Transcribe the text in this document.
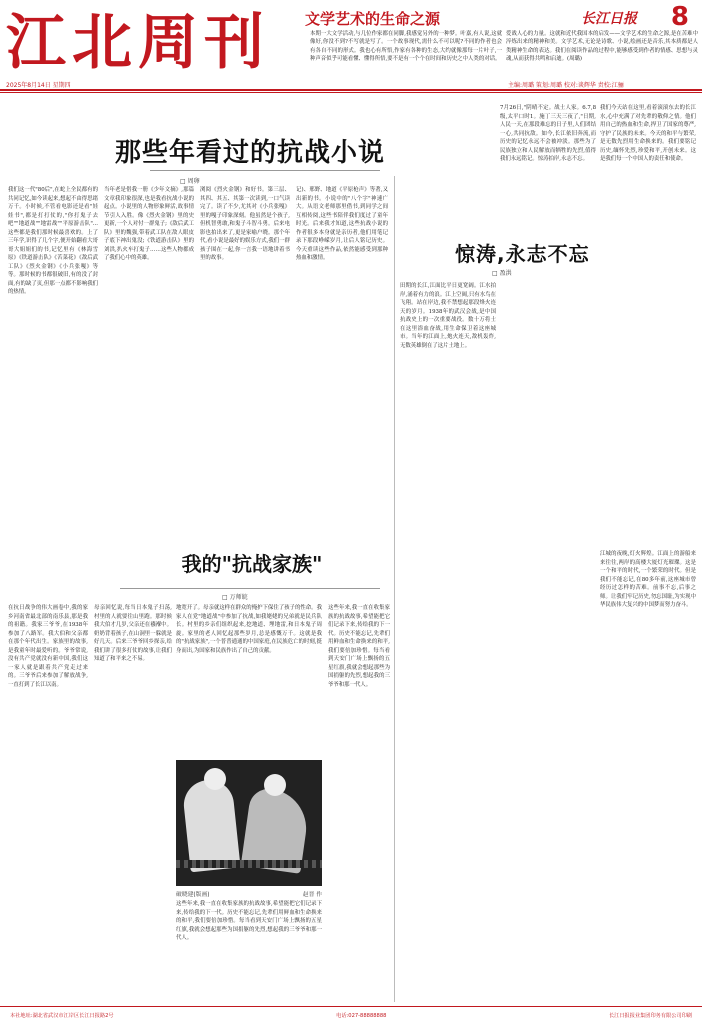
江北周刊 文学艺术的生命之源	长江日报 8
本期一大文学活动,与几位作家都在同脚,我感觉另外的一种梦。叶嘉,有人说,这就像好,你没不到?不写就是写了。一个故事现代,需什么不可以呢?不同的作者也会有各自不同的形式。我也心有所悟,作家有各种的生态,大约就像那每一片叶子,一种声音似乎可能看懂、懂得所悟,要不是有一个个在时间和历史之中人类的对话。
爱战人心的力量。这就和近代我国本的启发——文学艺术的生命之源,是在苦难中淬炼出来的精神和美。文学艺术,无论是诗歌、小说,绘画还是音乐,其本质都是人类精神生命的表达。我们在阅读作品的过程中,能够感受到作者的情感、思想与灵魂,从而获得共鸣和启迪。(周璐)
2025年8月14日 星期四	主编:周璐 策划:周璐 校对:谈辉华 责校:江骊
那些年看过的抗战小说
□ 周卵
我们这一代"80后",在蛇上全民都有的共同记忆,如今读起来,想起不由得思绪万千。小时候,不管看电影还是看"娃娃书",都是打打仗的,"你打鬼子去吧""地道战""地雷战""平原游击队"...这些都是我们那时候最喜欢的。上了三年学,识得了几个字,便开始翻看大哥哥大姐姐们的书,记忆里有《林海雪原》《铁道游击队》《苦菜花》《敌后武工队》《烈火金钢》《小兵张嘎》等等。那时候的书都很破旧,有的没了封面,有的缺了页,但那一点都不影响我们的热情。
当年老是借我一册《少年文摘》,那篇文章我印象很深,也是我看抗战小说的起点。小说里的人物形象鲜活,故事情节引人入胜。像《烈火金钢》里的史更新,一个人对付一群鬼子;《敌后武工队》里的魏强,带着武工队在敌人眼皮子底下神出鬼没;《铁道游击队》里的刘洪,扒火车打鬼子……这些人物都成了我们心中的英雄。
浏阅《烈火金钢》和好书。第三层、其四、其五、其第一次读到,一口气读完了。读了不少,尤其对《小兵张嘎》里的嘎子印象深刻。他虽然是个孩子,但机智勇敢,和鬼子斗智斗勇。后来电影也拍出来了,更是家喻户晓。那个年代,看小说是最好的娱乐方式,我们一群孩子围在一起,你一言我一语地讲着书里的故事。
记)、邢野、地道《平原枪声》等著,又出新的书。小说中的"八个字"神速广大。从语文老师那里借书,到同学之间互相传阅,这些书陪伴我们度过了童年时光。后来我才知道,这些抗战小说的作者很多本身就是亲历者,他们用笔记录下那段峥嵘岁月,让后人铭记历史。今天重读这些作品,依然能感受到那种热血和激情。
我的"抗战家族"
□ 万师皖
在抗日战争的伟大画卷中,我的家乡河南省最北部的南乐县,那是我的祖籍。我家三爷爷,在1938年参加了八路军。我大伯和父亲都在那个年代出生。家族里的故事,是我童年时最爱听的。爷爷常说,没有共产党就没有新中国,我们这一家人就是跟着共产党走过来的。三爷爷后来参加了解放战争,一直打到了长江以南。
母亲回忆说,每当日本鬼子扫荡,村里的人就要往山里跑。那时候我大伯才几岁,父亲还在襁褓中。奶奶背着孩子,在山洞里一躲就是好几天。后来三爷爷回乡探亲,给我们讲了很多打仗的故事,让我们知道了和平来之不易。
地宽开了。母亲就这样在群众的掩护下保住了孩子的性命。我家人在党"地道战"中参加了抗战,如我姥姥的兄弟就是民兵队长。村里的乡亲们组织起来,挖地道、埋地雷,和日本鬼子周旋。家里的老人回忆起那些岁月,总是感慨万千。这就是我的"抗战家族",一个普普通通的中国家庭,在民族危亡的时刻,挺身而出,为国家和民族作出了自己的贡献。
这些年来,我一直在收集家族的抗战故事,希望能把它们记录下来,传给我的下一代。历史不能忘记,先辈们用鲜血和生命换来的和平,我们要倍加珍惜。每当看到天安门广场上飘扬的五星红旗,我就会想起那些为国捐躯的先烈,想起我的三爷爷和那一代人。
这些年来,我一直在收集家族的抗战故事,希望能把它们记录下来,传给我的下一代。历史不能忘记,先辈们用鲜血和生命换来的和平,我们要倍加珍惜。每当看到天安门广场上飘扬的五星红旗,我就会想起那些为国捐躯的先烈,想起我的三爷爷和那一代人。
破晓建(版画)	赵晋 作
惊涛,永志不忘
□ 盈洪
田期的长江,江面比平日更宽阔。江水拍岸,涌着有力的浪。江上空阔,只有水鸟在飞翔。站在岸边,我不禁想起那段烽火连天的岁月。1938年的武汉会战,是中国抗战史上的一次重要战役。数十万将士在这里浴血奋战,用生命保卫着这座城市。当年的江面上,炮火连天,敌机轰炸,无数英雄倒在了这片土地上。
7月26日,"阴晴不定。战士人家。6.7,8级,太平口时1。施丁三天三夜了,"日期,人民一天,在那段难忘的日子里,人们团结一心,共同抗敌。如今,长江依旧奔流,而历史的记忆永远不会被冲淡。那些为了民族独立和人民解放而牺牲的先烈,值得我们永远铭记。惊涛拍岸,永志不忘。
我们今天站在这里,看着滚滚东去的长江水,心中充满了对先辈的敬仰之情。他们用自己的热血和生命,捍卫了国家的尊严,守护了民族的未来。今天的和平与繁荣,是无数先烈用生命换来的。我们要铭记历史,缅怀先烈,珍爱和平,开创未来。这是我们每一个中国人的责任和使命。
江城的夜晚,灯火辉煌。江面上的游船来来往往,两岸的高楼大厦灯光璀璨。这是一个和平的时代,一个繁荣的时代。但是我们不能忘记,在80多年前,这座城市曾经历过怎样的苦难。前事不忘,后事之师。让我们牢记历史,勿忘国耻,为实现中华民族伟大复兴的中国梦而努力奋斗。
本社地址:湖北省武汉市江岸区长江日报路2号	电话:027-88888888	长江日报报业集团印务有限公司印刷
